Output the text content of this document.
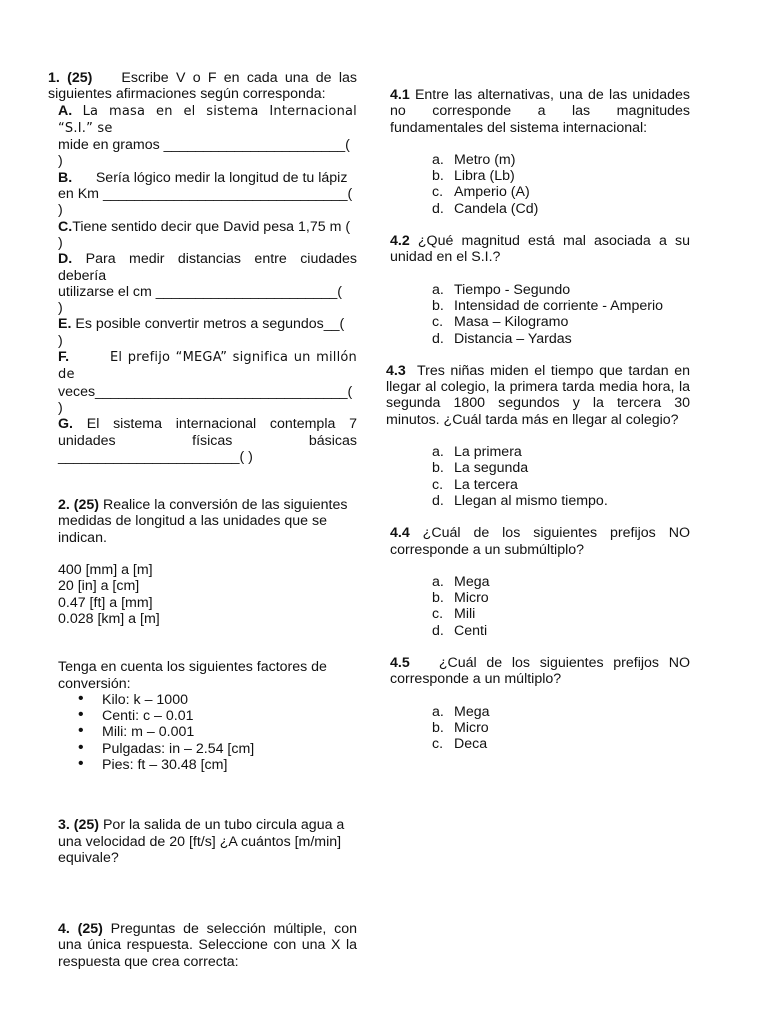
1. (25) Escribe V o F en cada una de las siguientes afirmaciones según corresponda:

A. La masa en el sistema Internacional “S.I.” se

mide en gramos _______________________(

)

B. Sería lógico medir la longitud de tu lápiz

en Km _______________________________(

)

C.Tiene sentido decir que David pesa 1,75 m (

)

D. Para medir distancias entre ciudades debería

utilizarse el cm _______________________(

)

E. Es posible convertir metros a segundos__(

)

F.	El prefijo “MEGA” significa un millón de

veces________________________________(

)

G. El sistema internacional contempla 7

unidades físicas básicas

_______________________( )

2. (25) Realice la conversión de las siguientes medidas de longitud a las unidades que se indican.

400 [mm] a [m]

20 [in] a [cm]

0.47 [ft] a [mm]

0.028 [km] a [m]

Tenga en cuenta los siguientes factores de conversión:

• Kilo: k – 1000
• Centi: c – 0.01
• Mili: m – 0.001
• Pulgadas: in – 2.54 [cm]
• Pies: ft – 30.48 [cm]

3. (25) Por la salida de un tubo circula agua a una velocidad de 20 [ft/s] ¿A cuántos [m/min] equivale?

4. (25) Preguntas de selección múltiple, con una única respuesta. Seleccione con una X la respuesta que crea correcta:

4.1 Entre las alternativas, una de las unidades no corresponde a las magnitudes fundamentales del sistema internacional:

a. Metro (m)
b. Libra (Lb)
c. Amperio (A)
d. Candela (Cd)

4.2 ¿Qué magnitud está mal asociada a su unidad en el S.I.?

a. Tiempo - Segundo
b. Intensidad de corriente - Amperio
c. Masa – Kilogramo
d. Distancia – Yardas

4.3 Tres niñas miden el tiempo que tardan en llegar al colegio, la primera tarda media hora, la segunda 1800 segundos y la tercera 30 minutos. ¿Cuál tarda más en llegar al colegio?

a. La primera
b. La segunda
c. La tercera
d. Llegan al mismo tiempo.

4.4 ¿Cuál de los siguientes prefijos NO corresponde a un submúltiplo?

a. Mega
b. Micro
c. Mili
d. Centi

4.5 ¿Cuál de los siguientes prefijos NO corresponde a un múltiplo?

a. Mega
b. Micro
c. Deca
